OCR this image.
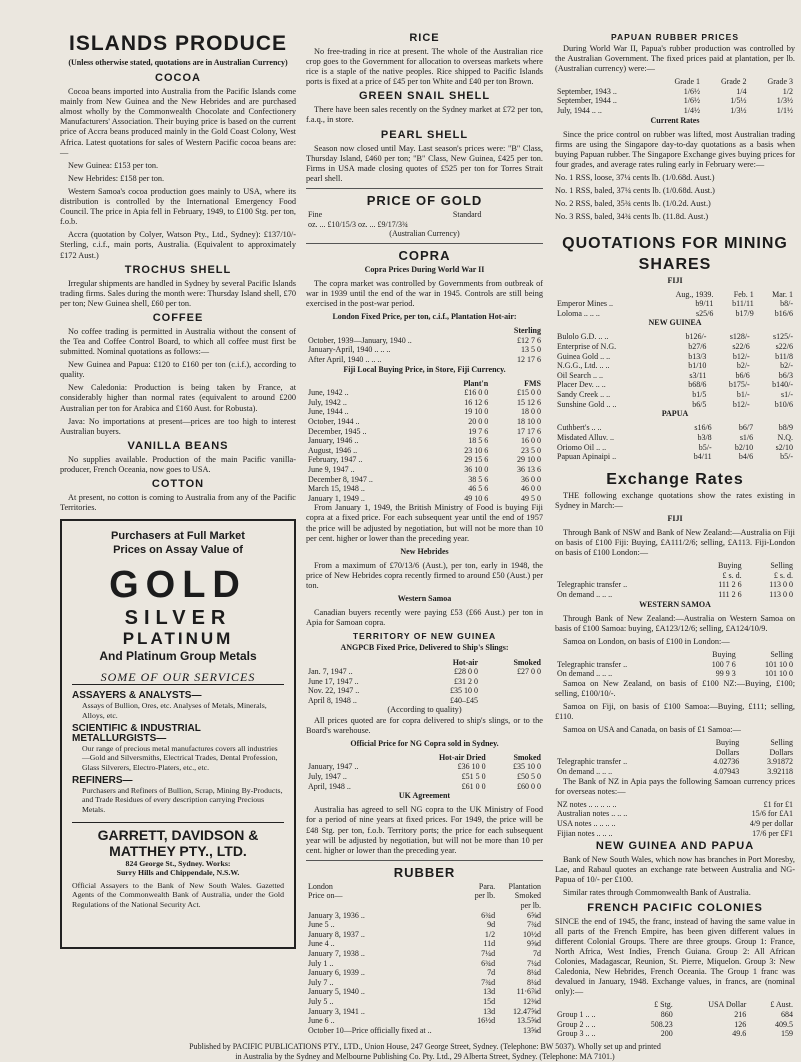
ISLANDS PRODUCE
(Unless otherwise stated, quotations are in Australian Currency)
COCOA

Cocoa beans imported into Australia from the Pacific Islands come mainly from New Guinea and the New Hebrides and are purchased almost wholly by the Commonwealth Chocolate and Confectionery Manufacturers' Association. Their buying price is based on the current price of Accra beans produced mainly in the Gold Coast Colony, West Africa. Latest quotations for sales of Western Pacific cocoa beans are:—

New Guinea: £153 per ton.

New Hebrides: £158 per ton.

Western Samoa's cocoa production goes mainly to USA, where its distribution is controlled by the International Emergency Food Council. The price in Apia fell in February, 1949, to £100 Stg. per ton, f.o.b.

Accra (quotation by Colyer, Watson Pty., Ltd., Sydney): £137/10/- Sterling, c.i.f., main ports, Australia. (Equivalent to approximately £172 Aust.)

TROCHUS SHELL

Irregular shipments are handled in Sydney by several Pacific Islands trading firms. Sales during the month were: Thursday Island shell, £70 per ton; New Guinea shell, £60 per ton.

COFFEE

No coffee trading is permitted in Australia without the consent of the Tea and Coffee Control Board, to which all coffee must first be submitted. Nominal quotations as follows:—

New Guinea and Papua: £120 to £160 per ton (c.i.f.), according to quality.

New Caledonia: Production is being taken by France, at considerably higher than normal rates (equivalent to around £200 Australian per ton for Arabica and £160 Aust. for Robusta).

Java: No importations at present—prices are too high to interest Australian buyers.

VANILLA BEANS

No supplies available. Production of the main Pacific vanilla-producer, French Oceania, now goes to USA.

COTTON

At present, no cotton is coming to Australia from any of the Pacific Territories.

Purchasers at Full Market
Prices on Assay Value of
GOLD
SILVER
PLATINUM
And Platinum Group Metals
SOME OF OUR SERVICES
ASSAYERS & ANALYSTS—
Assays of Bullion, Ores, etc. Analyses of Metals, Minerals, Alloys, etc.
SCIENTIFIC & INDUSTRIAL METALLURGISTS—
Our range of precious metal manufactures covers all industries—Gold and Silversmiths, Electrical Trades, Dental Profession, Glass Silverers, Electro-Platers, etc., etc.
REFINERS—
Purchasers and Refiners of Bullion, Scrap, Mining By-Products, and Trade Residues of every description carrying Precious Metals.
GARRETT, DAVIDSON &
MATTHEY PTY., LTD.
824 George St., Sydney. Works:
Surry Hills and Chippendale, N.S.W.
Official Assayers to the Bank of New South Wales. Gazetted Agents of the Commonwealth Bank of Australia, under the Gold Regulations of the National Security Act.
RICE

No free-trading in rice at present. The whole of the Australian rice crop goes to the Government for allocation to overseas markets where rice is a staple of the native peoples. Rice shipped to Pacific Islands ports is fixed at a price of £45 per ton White and £40 per ton Brown.

GREEN SNAIL SHELL

There have been sales recently on the Sydney market at £72 per ton, f.a.q., in store.

PEARL SHELL

Season now closed until May. Last season's prices were: "B" Class, Thursday Island, £460 per ton; "B" Class, New Guinea, £425 per ton. Firms in USA made closing quotes of £525 per ton for Torres Strait pearl shell.

PRICE OF GOLD
Fine	Standard
oz. ... £10/15/3 oz. ... £9/17/3¾
(Australian Currency)
COPRA
Copra Prices During World War II

The copra market was controlled by Governments from outbreak of war in 1939 until the end of the war in 1945. Controls are still being exercised in the post-war period.

London Fixed Price, per ton, c.i.f., Plantation Hot-air:
	Sterling
October, 1939—January, 1940 ..	£12 7 6
January-April, 1940 .. .. ..	13 5 0
After April, 1940 .. .. ..	12 17 6
Fiji Local Buying Price, in Store, Fiji Currency.
	Plant'n	FMS
June, 1942 ..	£16 0 0	£15 0 0
July, 1942 ..	16 12 6	15 12 6
June, 1944 ..	19 10 0	18 0 0
October, 1944 ..	20 0 0	18 10 0
December, 1945 ..	19 7 6	17 17 6
January, 1946 ..	18 5 6	16 0 0
August, 1946 ..	23 10 6	23 5 0
February, 1947 ..	29 15 6	29 10 0
June 9, 1947 ..	36 10 0	36 13 6
December 8, 1947 ..	38 5 6	36 0 0
March 15, 1948 ..	46 5 6	46 0 0
January 1, 1949 ..	49 10 6	49 5 0

From January 1, 1949, the British Ministry of Food is buying Fiji copra at a fixed price. For each subsequent year until the end of 1957 the price will be adjusted by negotiation, but will not be more than 10 per cent. higher or lower than the preceding year.

New Hebrides

From a maximum of £70/13/6 (Aust.), per ton, early in 1948, the price of New Hebrides copra recently firmed to around £50 (Aust.) per ton.

Western Samoa

Canadian buyers recently were paying £53 (£66 Aust.) per ton in Apia for Samoan copra.

TERRITORY OF NEW GUINEA
ANGPCB Fixed Price, Delivered to Ship's Slings:
	Hot-air	Smoked
Jan. 7, 1947 ..	£28 0 0	£27 0 0
June 17, 1947 ..	£31 2 0	
Nov. 22, 1947 ..	£35 10 0	
April 8, 1948 ..	£40–£45	
(According to quality)

All prices quoted are for copra delivered to ship's slings, or to the Board's warehouse.

Official Price for NG Copra sold in Sydney.
	Hot-air Dried	Smoked
January, 1947 ..	£36 10 0	£35 10 0
July, 1947 ..	£51 5 0	£50 5 0
April, 1948 ..	£61 0 0	£60 0 0
UK Agreement

Australia has agreed to sell NG copra to the UK Ministry of Food for a period of nine years at fixed prices. For 1949, the price will be £48 Stg. per ton, f.o.b. Territory ports; the price for each subsequent year will be adjusted by negotiation, but will not be more than 10 per cent. higher or lower than the preceding year.

RUBBER
London	Para.	Plantation
Price on—	per lb.	Smoked
		per lb.
January 3, 1936 ..	6¾d	6⅝d
June 5 ..	9d	7¾d
January 8, 1937 ..	1/2	10½d
June 4 ..	11d	9⅝d
January 7, 1938 ..	7¼d	7d
July 1 ..	6¾d	7¼d
January 6, 1939 ..	7d	8¼d
July 7 ..	7¾d	8¼d
January 5, 1940 ..	13d	11·6⅞d
July 5 ..	15d	12⅜d
January 3, 1941 ..	13d	12.47⅝d
June 6 ..	16½d	13.5⅝d
October 10—Price officially fixed at ..		13⅝d
PAPUAN RUBBER PRICES

During World War II, Papua's rubber production was controlled by the Australian Government. The fixed prices paid at plantation, per lb. (Australian currency) were:—

	Grade 1	Grade 2	Grade 3
September, 1943 ..	1/6½	1/4	1/2
September, 1944 ..	1/6½	1/5½	1/3½
July, 1944 .. ..	1/4½	1/3½	1/1½
Current Rates

Since the price control on rubber was lifted, most Australian trading firms are using the Singapore day-to-day quotations as a basis when buying Papuan rubber. The Singapore Exchange gives buying prices for four grades, and average rates ruling early in February were:—

No. 1 RSS, loose, 37¼ cents lb. (1/0.68d. Aust.)

No. 1 RSS, baled, 37¼ cents lb. (1/0.68d. Aust.)

No. 2 RSS, baled, 35¾ cents lb. (1/0.2d. Aust.)

No. 3 RSS, baled, 34¾ cents lb. (11.8d. Aust.)

QUOTATIONS FOR MINING
SHARES
FIJI
	Aug., 1939.	Feb. 1	Mar. 1
Emperor Mines ..	b9/11	b11/11	b8/-
Loloma .. .. ..	s25/6	b17/9	b16/6
NEW GUINEA
Bulolo G.D. .. ..	b126/-	s128/-	s125/-
Enterprise of N.G.	b27/6	s22/6	s22/6
Guinea Gold .. ..	b13/3	b12/-	b11/8
N.G.G., Ltd. .. ..	b1/10	b2/-	b2/-
Oil Search .. ..	s3/11	b6/6	b6/3
Placer Dev. .. ..	b68/6	b175/-	b140/-
Sandy Creek .. ..	b1/5	b1/-	s1/-
Sunshine Gold .. ..	b6/5	b12/-	b10/6
PAPUA
Cuthbert's .. ..	s16/6	b6/7	b8/9
Misdated Alluv. ..	b3/8	s1/6	N.Q.
Oriomo Oil .. ..	b5/-	b2/10	s2/10
Papuan Apinaipi ..	b4/11	b4/6	b5/-
Exchange Rates

THE following exchange quotations show the rates existing in Sydney in March:—

FIJI

Through Bank of NSW and Bank of New Zealand:—Australia on Fiji on basis of £100 Fiji: Buying, £A111/2/6; selling, £A113. Fiji-London on basis of £100 London:—

	Buying	Selling
	£ s. d.	£ s. d.
Telegraphic transfer ..	111 2 6	113 0 0
On demand .. .. ..	111 2 6	113 0 0
WESTERN SAMOA

Through Bank of New Zealand:—Australia on Western Samoa on basis of £100 Samoa: buying, £A123/12/6; selling, £A124/10/9.

Samoa on London, on basis of £100 in London:—

	Buying	Selling
Telegraphic transfer ..	100 7 6	101 10 0
On demand .. .. ..	99 9 3	101 10 0

Samoa on New Zealand, on basis of £100 NZ:—Buying, £100; selling, £100/10/-.

Samoa on Fiji, on basis of £100 Samoa:—Buying, £111; selling, £110.

Samoa on USA and Canada, on basis of £1 Samoa:—

	Buying	Selling
	Dollars	Dollars
Telegraphic transfer ..	4.02736	3.91872
On demand .. .. ..	4.07943	3.92118

The Bank of NZ in Apia pays the following Samoan currency prices for overseas notes:—

NZ notes .. .. .. .. ..	£1 for £1
Australian notes .. .. ..	15/6 for £A1
USA notes .. .. .. ..	4/9 per dollar
Fijian notes .. .. ..	17/6 per £F1
NEW GUINEA AND PAPUA

Bank of New South Wales, which now has branches in Port Moresby, Lae, and Rabaul quotes an exchange rate between Australia and NG-Papua of 10/- per £100.

Similar rates through Commonwealth Bank of Australia.

FRENCH PACIFIC COLONIES

SINCE the end of 1945, the franc, instead of having the same value in all parts of the French Empire, has been given different values in different Colonial Groups. There are three groups. Group 1: France, North Africa, West Indies, French Guiana. Group 2: All African Colonies, Madagascar, Reunion, St. Pierre, Miquelon. Group 3: New Caledonia, New Hebrides, French Oceania. The Group 1 franc was devalued in January, 1948. Exchange values, in francs, are (nominal only):—

	£ Stg.	USA Dollar	£ Aust.
Group 1 .. ..	860	216	684
Group 2 .. ..	508.23	126	409.5
Group 3 .. ..	200	49.6	159
Published by PACIFIC PUBLICATIONS PTY., LTD., Union House, 247 George Street, Sydney. (Telephone: BW 5037). Wholly set up and printed
in Australia by the Sydney and Melbourne Publishing Co. Pty. Ltd., 29 Alberta Street, Sydney. (Telephone: MA 7101.)
